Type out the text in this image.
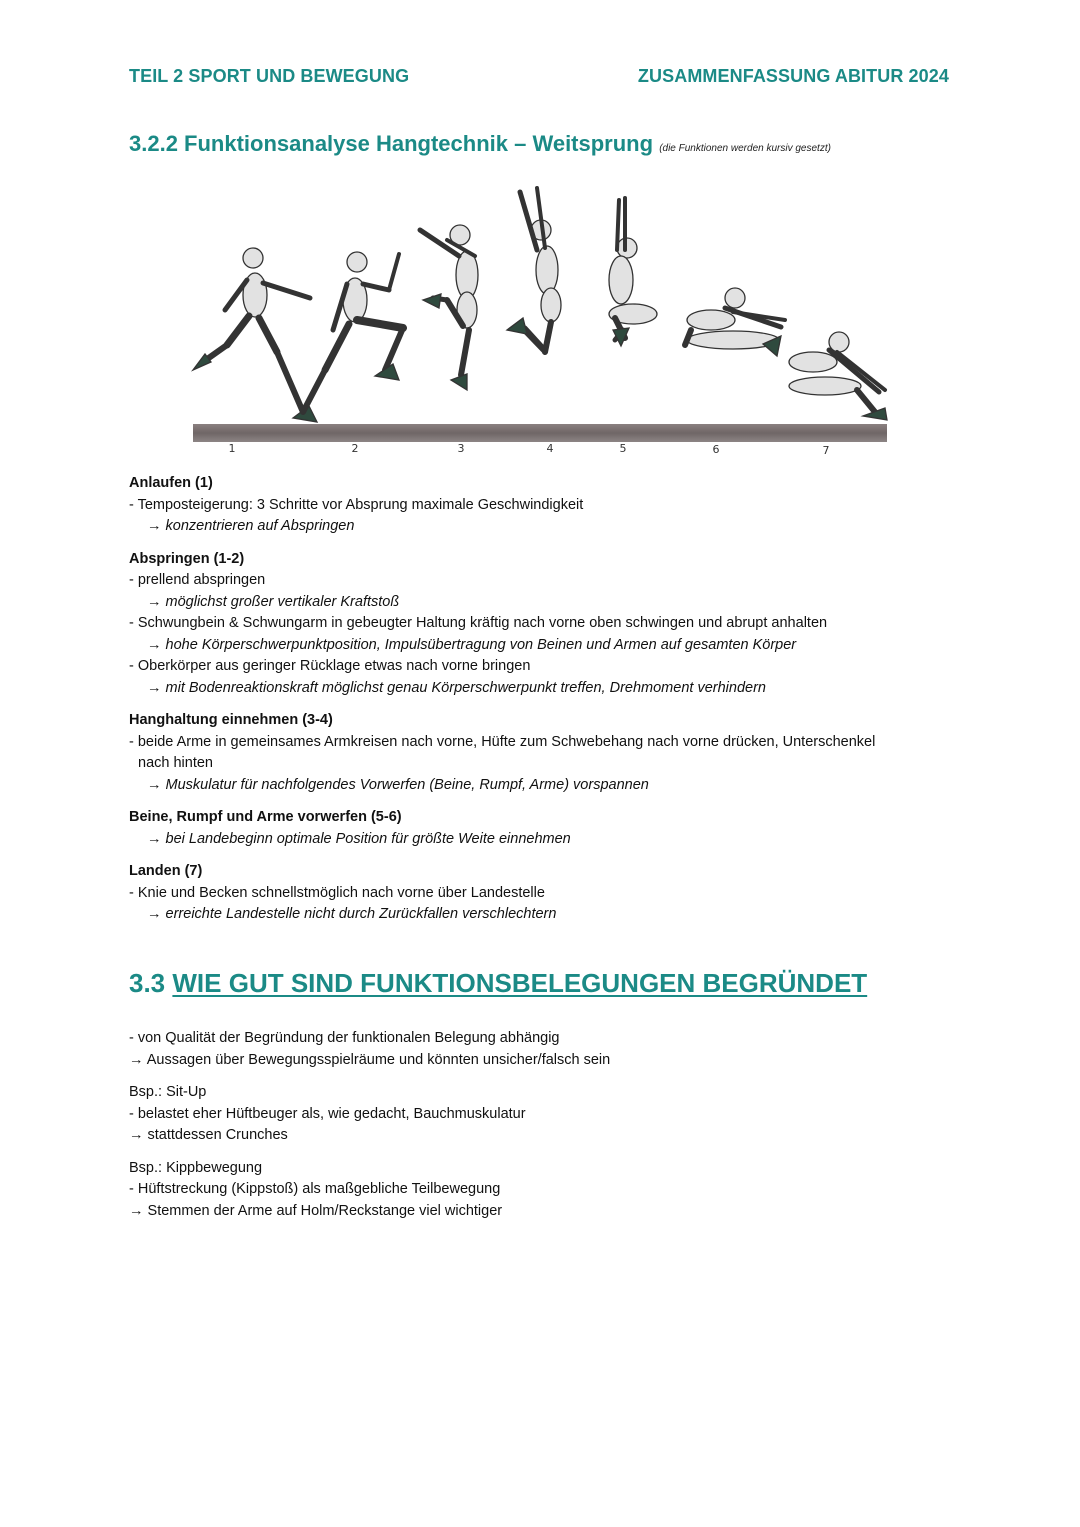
TEIL 2 SPORT UND BEWEGUNG	ZUSAMMENFASSUNG ABITUR 2024
3.2.2 Funktionsanalyse Hangtechnik – Weitsprung (die Funktionen werden kursiv gesetzt)
1	2	3	4	5	6	7
Anlaufen (1)

- Temposteigerung: 3 Schritte vor Absprung maximale Geschwindigkeit

→ konzentrieren auf Abspringen

Abspringen (1-2)

- prellend abspringen

→ möglichst großer vertikaler Kraftstoß

- Schwungbein & Schwungarm in gebeugter Haltung kräftig nach vorne oben schwingen und abrupt anhalten

→ hohe Körperschwerpunktposition, Impulsübertragung von Beinen und Armen auf gesamten Körper

- Oberkörper aus geringer Rücklage etwas nach vorne bringen

→ mit Bodenreaktionskraft möglichst genau Körperschwerpunkt treffen, Drehmoment verhindern

Hanghaltung einnehmen (3-4)

- beide Arme in gemeinsames Armkreisen nach vorne, Hüfte zum Schwebehang nach vorne drücken, Unterschenkel

nach hinten

→ Muskulatur für nachfolgendes Vorwerfen (Beine, Rumpf, Arme) vorspannen

Beine, Rumpf und Arme vorwerfen (5-6)

→ bei Landebeginn optimale Position für größte Weite einnehmen

Landen (7)

- Knie und Becken schnellstmöglich nach vorne über Landestelle

→ erreichte Landestelle nicht durch Zurückfallen verschlechtern

3.3 WIE GUT SIND FUNKTIONSBELEGUNGEN BEGRÜNDET

- von Qualität der Begründung der funktionalen Belegung abhängig

→ Aussagen über Bewegungsspielräume und könnten unsicher/falsch sein

Bsp.: Sit-Up

- belastet eher Hüftbeuger als, wie gedacht, Bauchmuskulatur

→ stattdessen Crunches

Bsp.: Kippbewegung

- Hüftstreckung (Kippstoß) als maßgebliche Teilbewegung

→ Stemmen der Arme auf Holm/Reckstange viel wichtiger
